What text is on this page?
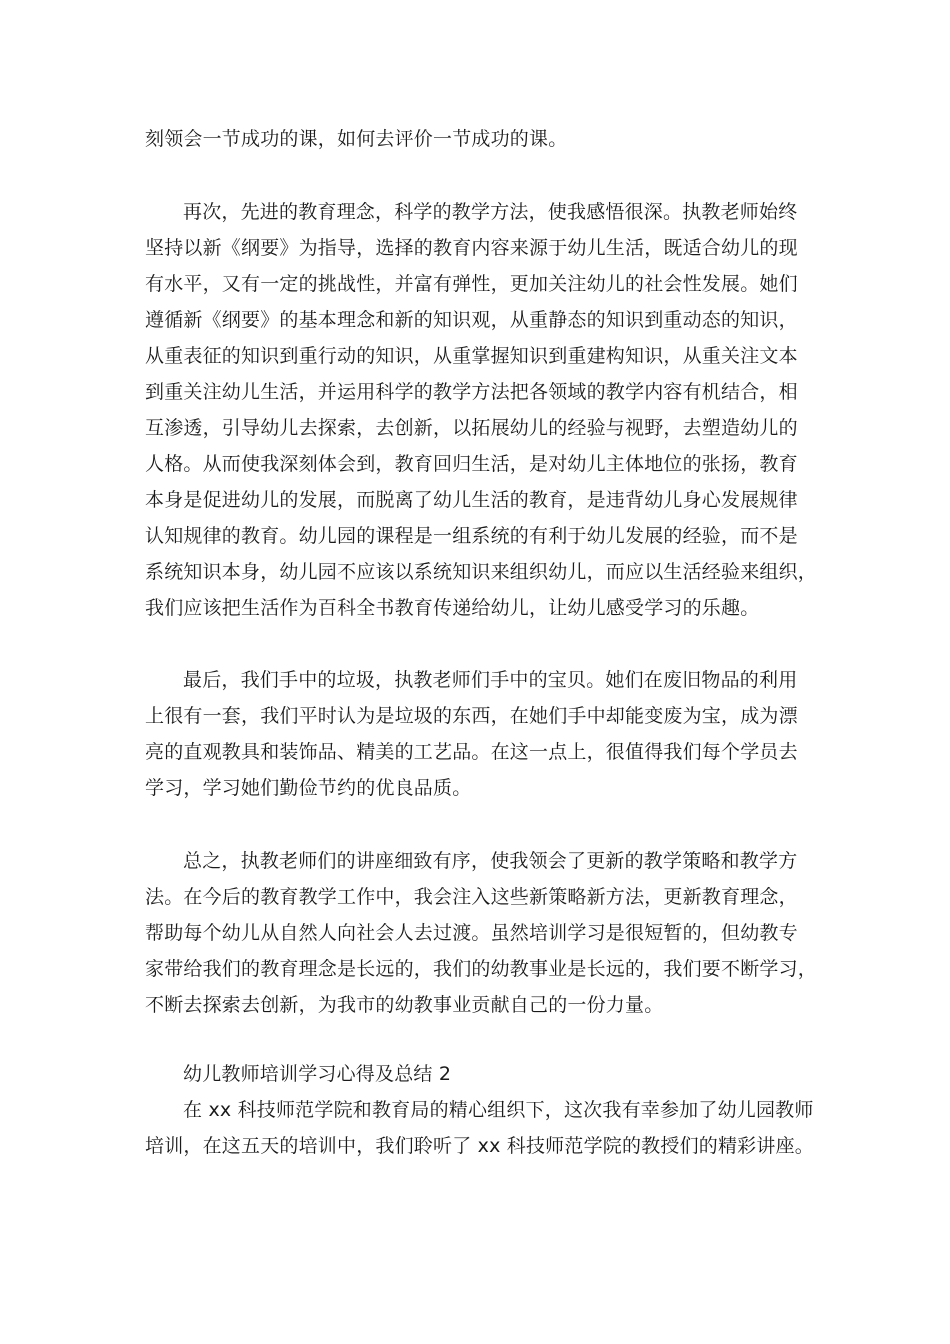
刻领会一节成功的课，如何去评价一节成功的课。
再次，先进的教育理念，科学的教学方法，使我感悟很深。执教老师始终
坚持以新《纲要》为指导，选择的教育内容来源于幼儿生活，既适合幼儿的现
有水平，又有一定的挑战性，并富有弹性，更加关注幼儿的社会性发展。她们
遵循新《纲要》的基本理念和新的知识观，从重静态的知识到重动态的知识，
从重表征的知识到重行动的知识，从重掌握知识到重建构知识，从重关注文本
到重关注幼儿生活，并运用科学的教学方法把各领域的教学内容有机结合，相
互渗透，引导幼儿去探索，去创新，以拓展幼儿的经验与视野，去塑造幼儿的
人格。从而使我深刻体会到，教育回归生活，是对幼儿主体地位的张扬，教育
本身是促进幼儿的发展，而脱离了幼儿生活的教育，是违背幼儿身心发展规律
认知规律的教育。幼儿园的课程是一组系统的有利于幼儿发展的经验，而不是
系统知识本身，幼儿园不应该以系统知识来组织幼儿，而应以生活经验来组织，
我们应该把生活作为百科全书教育传递给幼儿，让幼儿感受学习的乐趣。
最后，我们手中的垃圾，执教老师们手中的宝贝。她们在废旧物品的利用
上很有一套，我们平时认为是垃圾的东西，在她们手中却能变废为宝，成为漂
亮的直观教具和装饰品、精美的工艺品。在这一点上，很值得我们每个学员去
学习，学习她们勤俭节约的优良品质。
总之，执教老师们的讲座细致有序，使我领会了更新的教学策略和教学方
法。在今后的教育教学工作中，我会注入这些新策略新方法，更新教育理念，
帮助每个幼儿从自然人向社会人去过渡。虽然培训学习是很短暂的，但幼教专
家带给我们的教育理念是长远的，我们的幼教事业是长远的，我们要不断学习，
不断去探索去创新，为我市的幼教事业贡献自己的一份力量。
幼儿教师培训学习心得及总结 2
在 xx 科技师范学院和教育局的精心组织下，这次我有幸参加了幼儿园教师
培训，在这五天的培训中，我们聆听了 xx 科技师范学院的教授们的精彩讲座。
